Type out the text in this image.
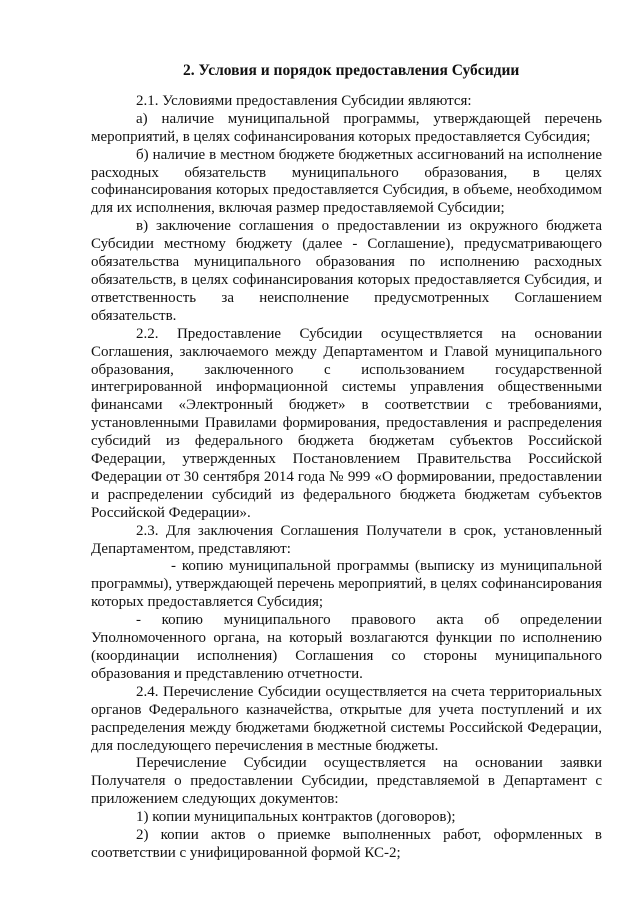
2. Условия и порядок предоставления Субсидии

2.1. Условиями предоставления Субсидии являются:

а) наличие муниципальной программы, утверждающей перечень мероприятий, в целях софинансирования которых предоставляется Субсидия;

б) наличие в местном бюджете бюджетных ассигнований на исполнение расходных обязательств муниципального образования, в целях софинансирования которых предоставляется Субсидия, в объеме, необходимом для их исполнения, включая размер предоставляемой Субсидии;

в) заключение соглашения о предоставлении из окружного бюджета Субсидии местному бюджету (далее - Соглашение), предусматривающего обязательства муниципального образования по исполнению расходных обязательств, в целях софинансирования которых предоставляется Субсидия, и ответственность за неисполнение предусмотренных Соглашением обязательств.

2.2. Предоставление Субсидии осуществляется на основании Соглашения, заключаемого между Департаментом и Главой муниципального образования, заключенного с использованием государственной интегрированной информационной системы управления общественными финансами «Электронный бюджет» в соответствии с требованиями, установленными Правилами формирования, предоставления и распределения субсидий из федерального бюджета бюджетам субъектов Российской Федерации, утвержденных Постановлением Правительства Российской Федерации от 30 сентября 2014 года № 999 «О формировании, предоставлении и распределении субсидий из федерального бюджета бюджетам субъектов Российской Федерации».

2.3. Для заключения Соглашения Получатели в срок, установленный Департаментом, представляют:

- копию муниципальной программы (выписку из муниципальной программы), утверждающей перечень мероприятий, в целях софинансирования которых предоставляется Субсидия;

- копию муниципального правового акта об определении Уполномоченного органа, на который возлагаются функции по исполнению (координации исполнения) Соглашения со стороны муниципального образования и представлению отчетности.

2.4. Перечисление Субсидии осуществляется на счета территориальных органов Федерального казначейства, открытые для учета поступлений и их распределения между бюджетами бюджетной системы Российской Федерации, для последующего перечисления в местные бюджеты.

Перечисление Субсидии осуществляется на основании заявки Получателя о предоставлении Субсидии, представляемой в Департамент с приложением следующих документов:

1) копии муниципальных контрактов (договоров);

2) копии актов о приемке выполненных работ, оформленных в соответствии с унифицированной формой КС-2;
